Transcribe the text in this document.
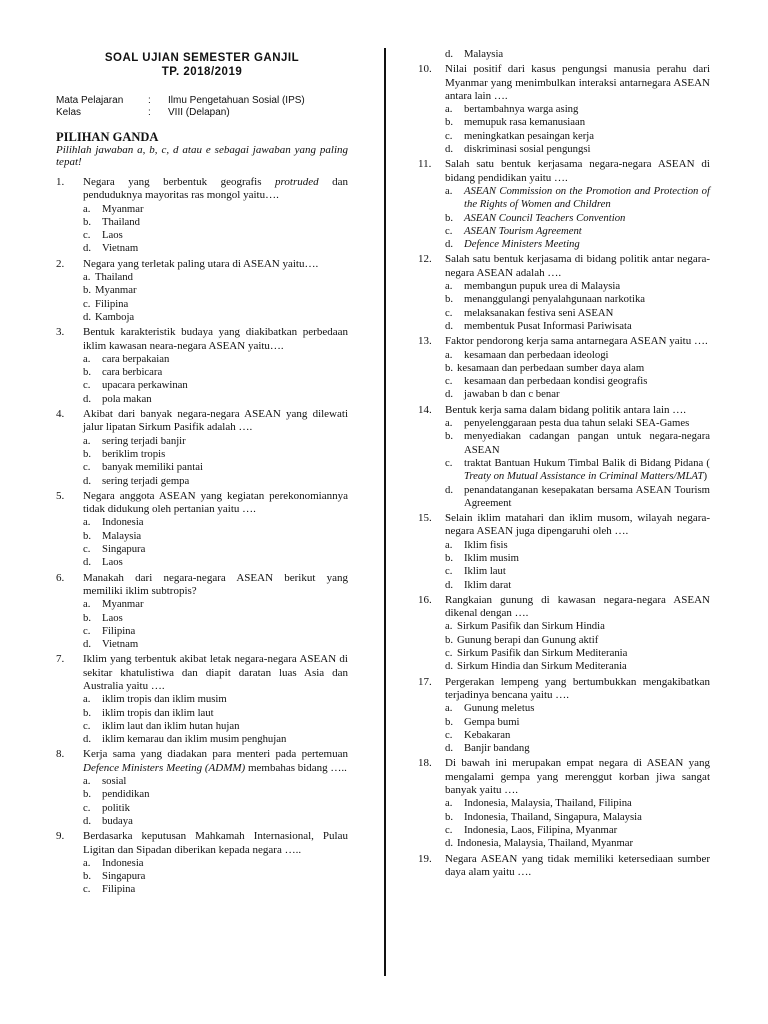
SOAL UJIAN SEMESTER GANJIL
TP. 2018/2019
Mata Pelajaran	:	Ilmu Pengetahuan Sosial (IPS)
Kelas	:	VIII (Delapan)
PILIHAN GANDA
Pilihlah jawaban a, b, c, d atau e sebagai jawaban yang paling tepat!
1.	Negara yang berbentuk geografis protruded dan penduduknya mayoritas ras mongol yaitu….
a.	Myanmar
b.	Thailand
c.	Laos
d.	Vietnam
2.	Negara yang terletak paling utara di ASEAN yaitu….
a. Thailand
b. Myanmar
c. Filipina
d. Kamboja
3.	Bentuk karakteristik budaya yang diakibatkan perbedaan iklim kawasan neara-negara ASEAN yaitu….
a.	cara berpakaian
b.	cara berbicara
c.	upacara perkawinan
d.	pola makan
4.	Akibat dari banyak negara-negara ASEAN yang dilewati jalur lipatan Sirkum Pasifik adalah ….
a.	sering terjadi banjir
b.	beriklim tropis
c.	banyak memiliki pantai
d.	sering terjadi gempa
5.	Negara anggota ASEAN yang kegiatan perekonomiannya tidak didukung oleh pertanian yaitu ….
a.	Indonesia
b.	Malaysia
c.	Singapura
d.	Laos
6.	Manakah dari negara-negara ASEAN berikut yang memiliki iklim subtropis?
a.	Myanmar
b.	Laos
c.	Filipina
d.	Vietnam
7.	Iklim yang terbentuk akibat letak negara-negara ASEAN di sekitar khatulistiwa dan diapit daratan luas Asia dan Australia yaitu ….
a.	iklim tropis dan iklim musim
b.	iklim tropis dan iklim laut
c.	iklim laut dan iklim hutan hujan
d.	iklim kemarau dan iklim musim penghujan
8.	Kerja sama yang diadakan para menteri pada pertemuan Defence Ministers Meeting (ADMM) membahas bidang …..
a.	sosial
b.	pendidikan
c.	politik
d.	budaya
9.	Berdasarka keputusan Mahkamah Internasional, Pulau Ligitan dan Sipadan diberikan kepada negara …..
a.	Indonesia
b.	Singapura
c.	Filipina
d.	Malaysia
10.	Nilai positif dari kasus pengungsi manusia perahu dari Myanmar yang menimbulkan interaksi antarnegara ASEAN antara lain ….
a.	bertambahnya warga asing
b.	memupuk rasa kemanusiaan
c.	meningkatkan pesaingan kerja
d.	diskriminasi sosial pengungsi
11.	Salah satu bentuk kerjasama negara-negara ASEAN di bidang pendidikan yaitu ….
a.	ASEAN Commission on the Promotion and Protection of the Rights of Women and Children
b.	ASEAN Council Teachers Convention
c.	ASEAN Tourism Agreement
d.	Defence Ministers Meeting
12.	Salah satu bentuk kerjasama di bidang politik antar negara-negara ASEAN adalah ….
a.	membangun pupuk urea di Malaysia
b.	menanggulangi penyalahgunaan narkotika
c.	melaksanakan festiva seni ASEAN
d.	membentuk Pusat Informasi Pariwisata
13.	Faktor pendorong kerja sama antarnegara ASEAN yaitu ….
a.	kesamaan dan perbedaan ideologi
b. kesamaan dan perbedaan sumber daya alam
c.	kesamaan dan perbedaan kondisi geografis
d.	jawaban b dan c benar
14.	Bentuk kerja sama dalam bidang politik antara lain ….
a.	penyelenggaraan pesta dua tahun selaki SEA-Games
b.	menyediakan cadangan pangan untuk negara-negara ASEAN
c.	traktat Bantuan Hukum Timbal Balik di Bidang Pidana ( Treaty on Mutual Assistance in Criminal Matters/MLAT)
d.	penandatanganan kesepakatan bersama ASEAN Tourism Agreement
15.	Selain iklim matahari dan iklim musom, wilayah negara-negara ASEAN juga dipengaruhi oleh ….
a.	Iklim fisis
b.	Iklim musim
c.	Iklim laut
d.	Iklim darat
16.	Rangkaian gunung di kawasan negara-negara ASEAN dikenal dengan ….
a. Sirkum Pasifik dan Sirkum Hindia
b. Gunung berapi dan Gunung aktif
c. Sirkum Pasifik dan Sirkum Mediterania
d. Sirkum Hindia dan Sirkum Mediterania
17.	Pergerakan lempeng yang bertumbukkan mengakibatkan terjadinya bencana yaitu ….
a.	Gunung meletus
b.	Gempa bumi
c.	Kebakaran
d.	Banjir bandang
18.	Di bawah ini merupakan empat negara di ASEAN yang mengalami gempa yang merenggut korban jiwa sangat banyak yaitu ….
a.	Indonesia, Malaysia, Thailand, Filipina
b.	Indonesia, Thailand, Singapura, Malaysia
c.	Indonesia, Laos, Filipina, Myanmar
d. Indonesia, Malaysia, Thailand, Myanmar
19.	Negara ASEAN yang tidak memiliki ketersediaan sumber daya alam yaitu ….
